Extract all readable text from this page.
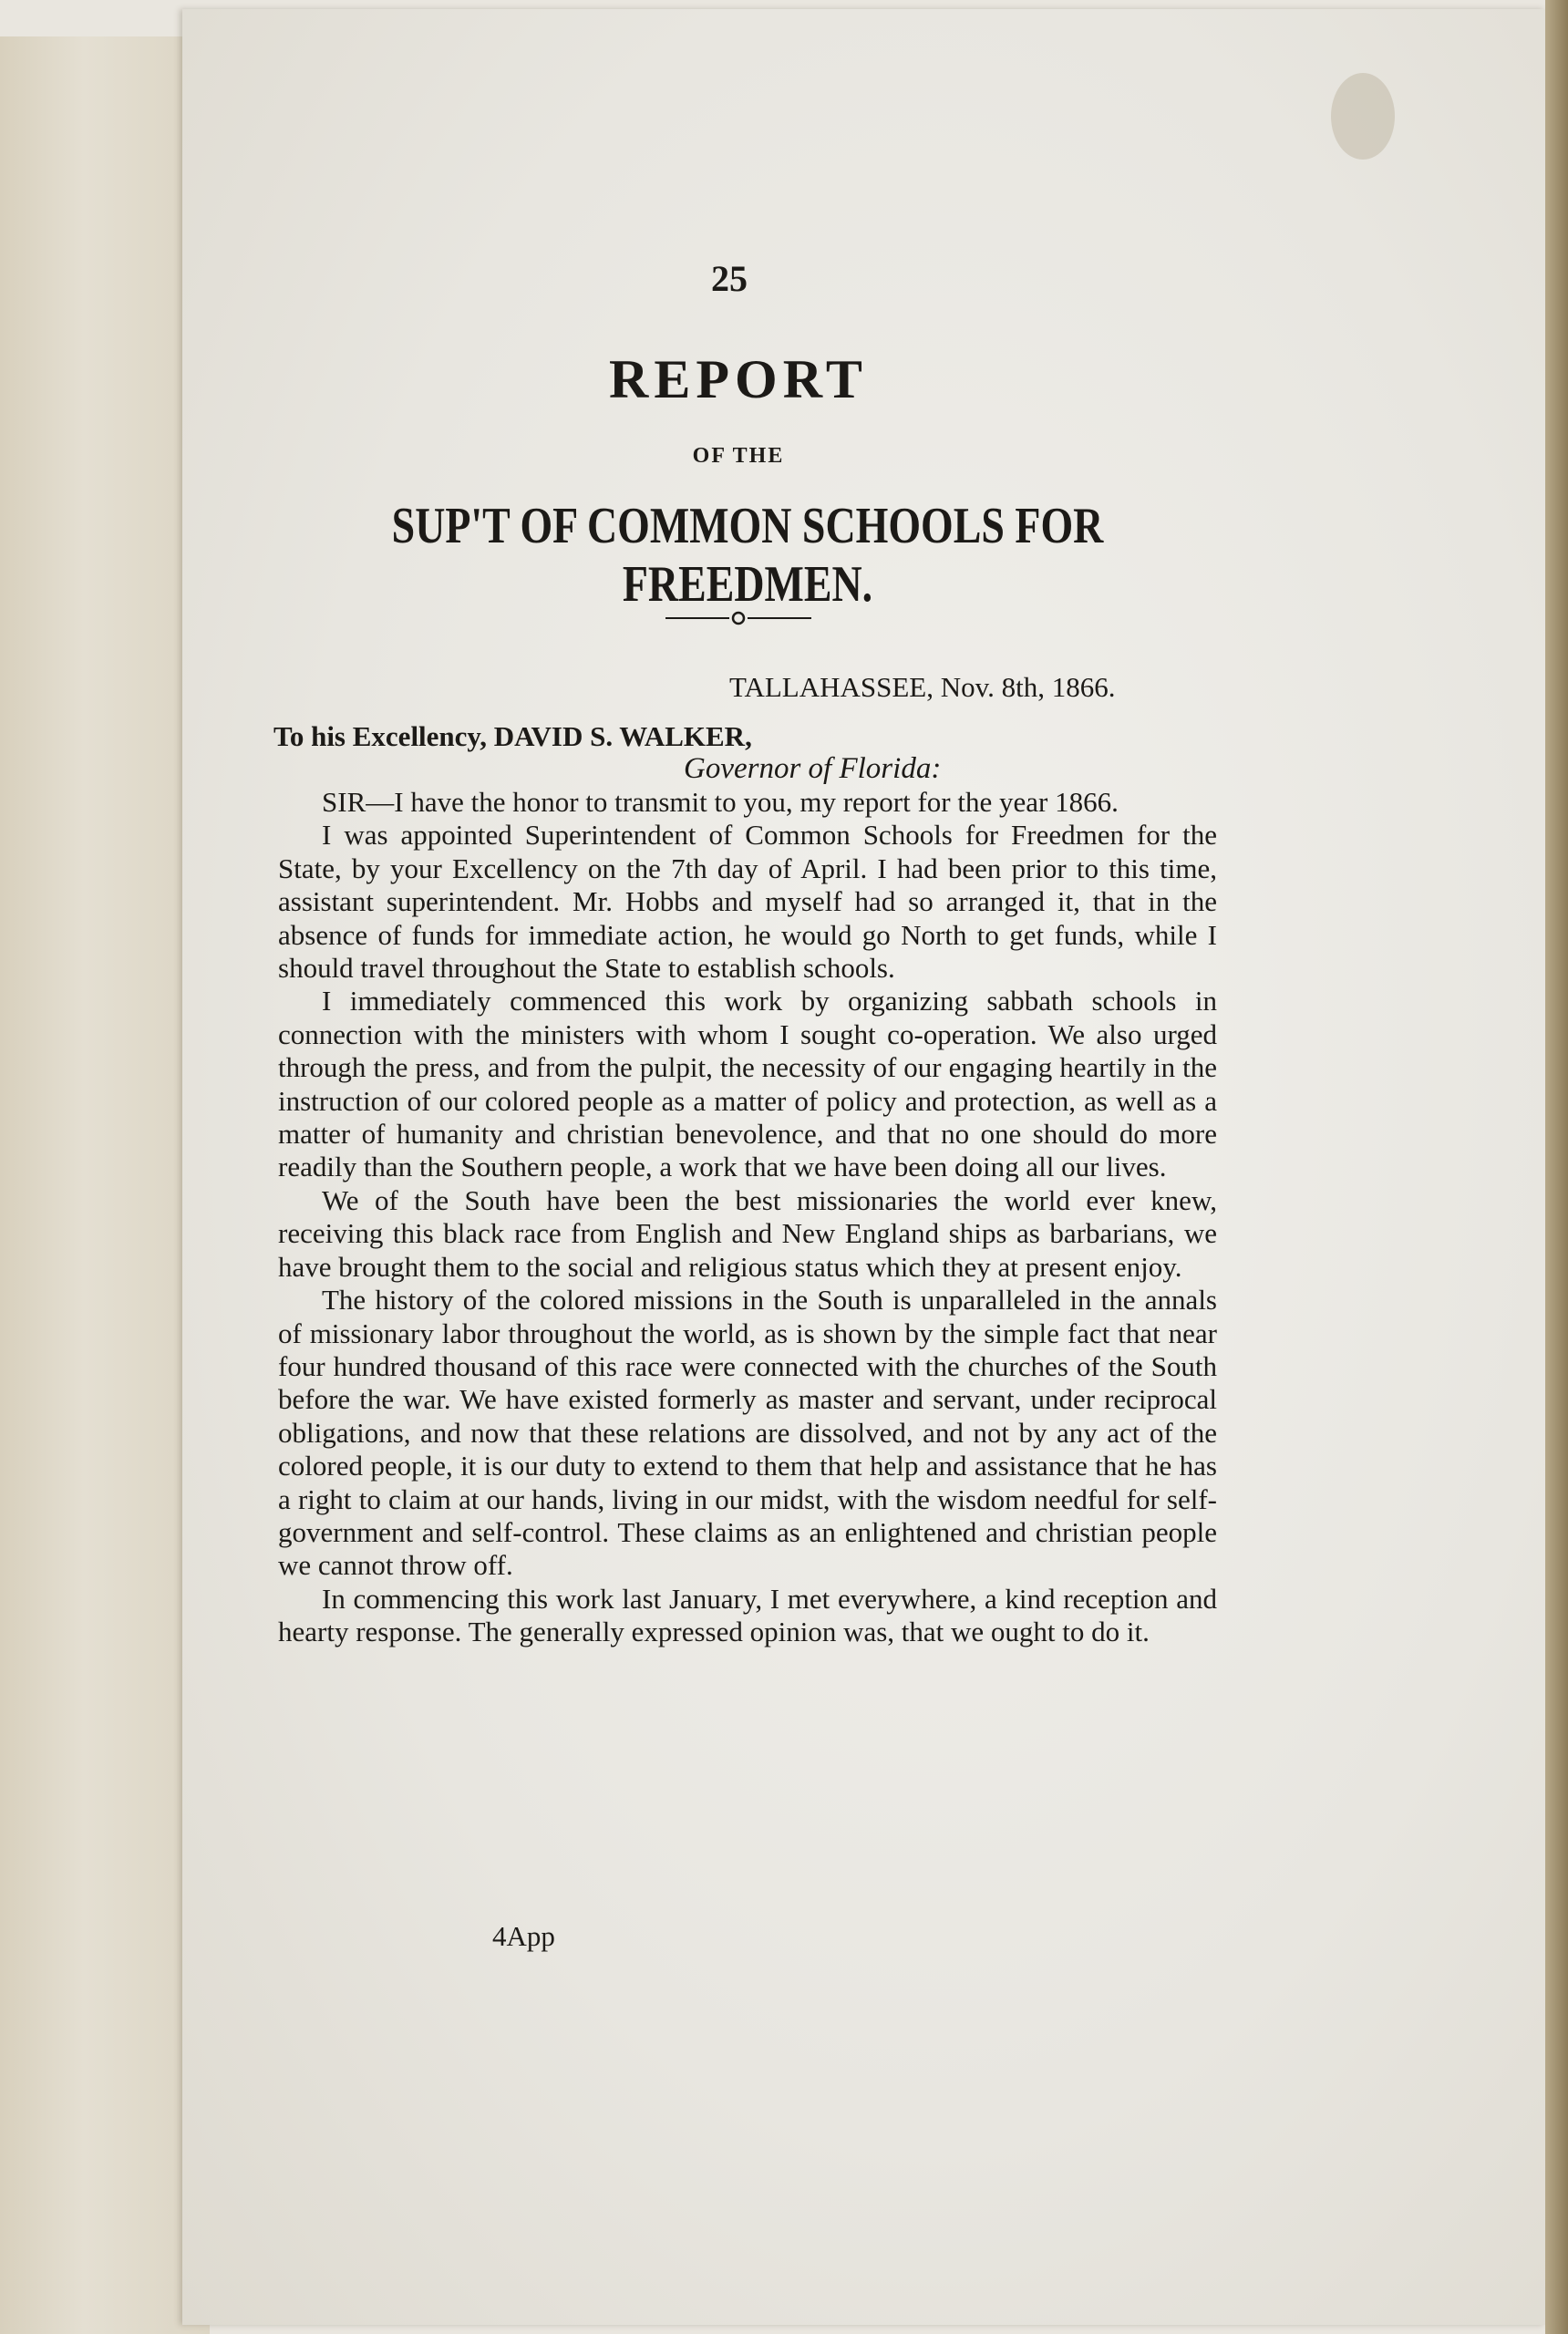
25
REPORT
OF THE
SUP'T OF COMMON SCHOOLS FOR FREEDMEN.
TALLAHASSEE, Nov. 8th, 1866.
To his Excellency, DAVID S. WALKER,
Governor of Florida:

SIR—I have the honor to transmit to you, my report for the year 1866.

I was appointed Superintendent of Common Schools for Freedmen for the State, by your Excellency on the 7th day of April. I had been prior to this time, assistant superintendent. Mr. Hobbs and myself had so arranged it, that in the absence of funds for immediate action, he would go North to get funds, while I should travel throughout the State to establish schools.

I immediately commenced this work by organizing sabbath schools in connection with the ministers with whom I sought co-operation. We also urged through the press, and from the pulpit, the necessity of our engaging heartily in the instruction of our colored people as a matter of policy and protection, as well as a matter of humanity and christian benevolence, and that no one should do more readily than the Southern people, a work that we have been doing all our lives.

We of the South have been the best missionaries the world ever knew, receiving this black race from English and New England ships as barbarians, we have brought them to the social and religious status which they at present enjoy.

The history of the colored missions in the South is unparalleled in the annals of missionary labor throughout the world, as is shown by the simple fact that near four hundred thousand of this race were connected with the churches of the South before the war. We have existed formerly as master and servant, under reciprocal obligations, and now that these relations are dissolved, and not by any act of the colored people, it is our duty to extend to them that help and assistance that he has a right to claim at our hands, living in our midst, with the wisdom needful for self-government and self-control. These claims as an enlightened and christian people we cannot throw off.

In commencing this work last January, I met everywhere, a kind reception and hearty response. The generally expressed opinion was, that we ought to do it.

4App
